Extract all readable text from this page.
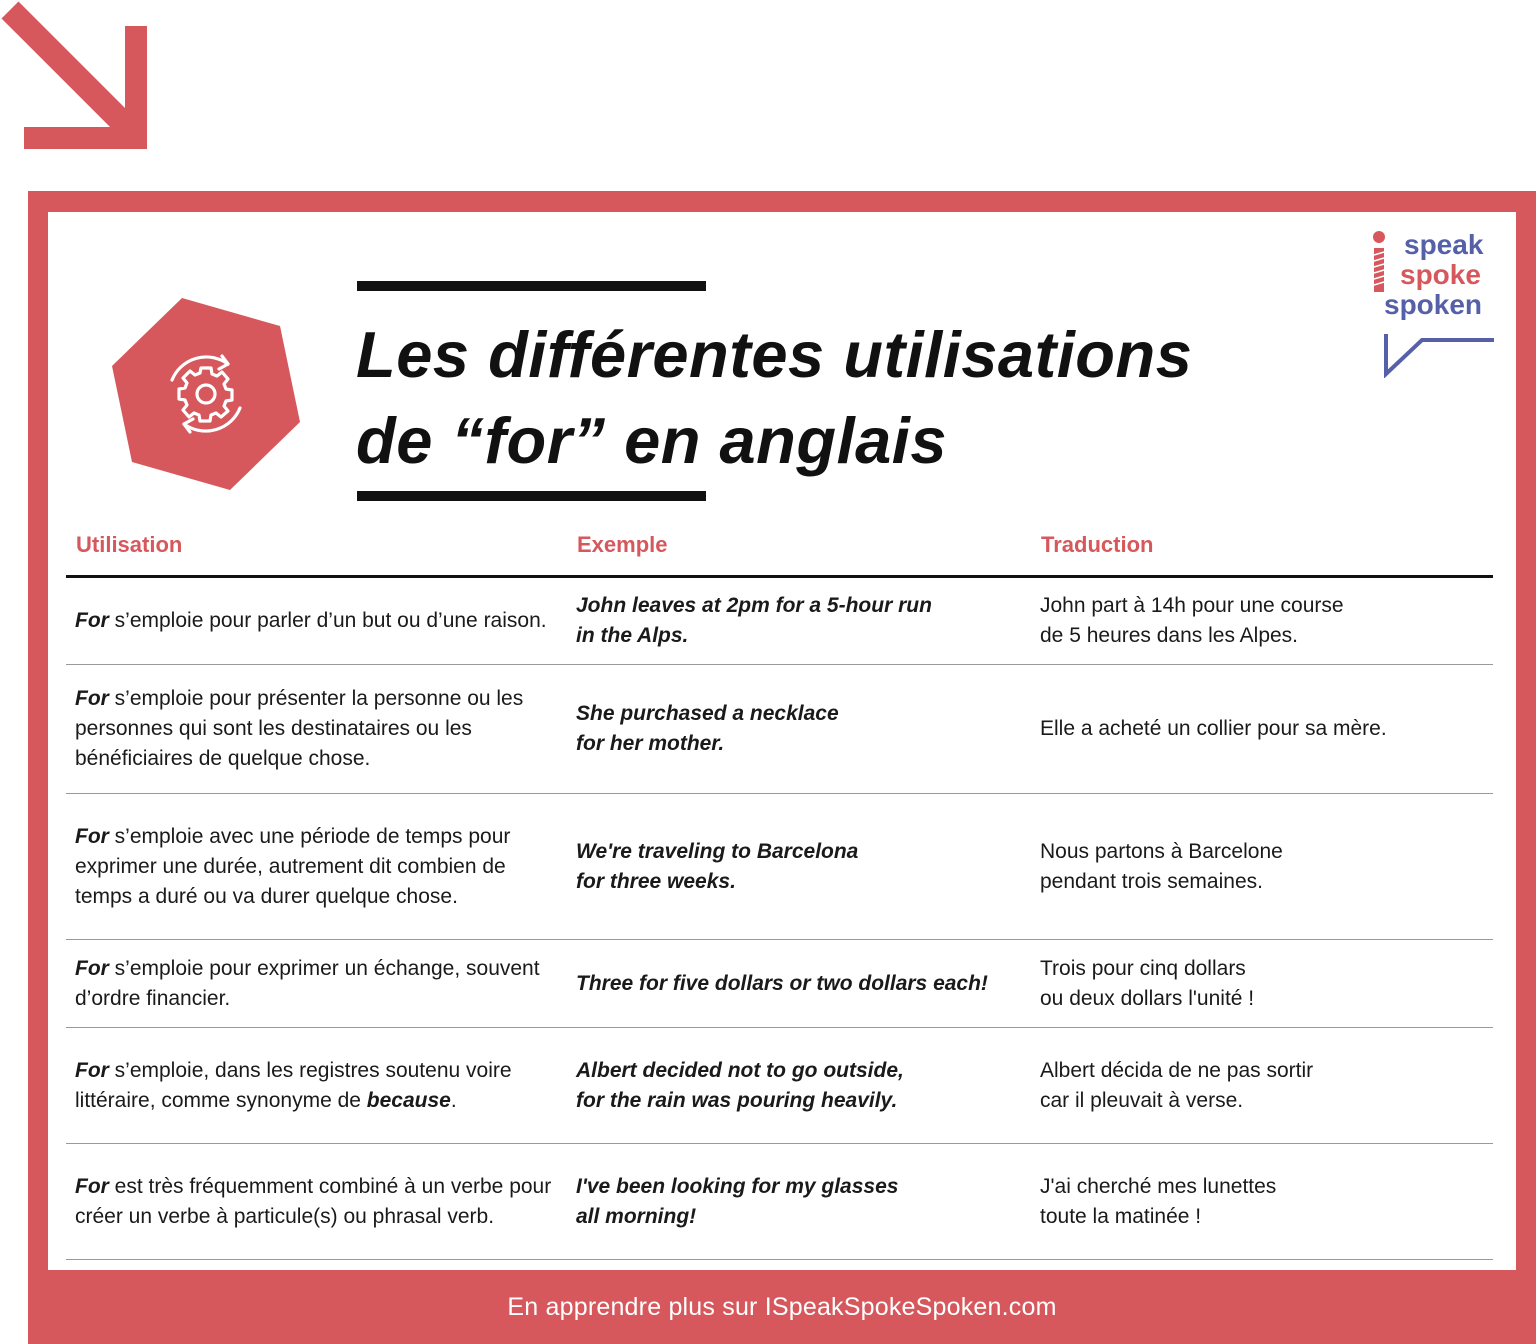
Les différentes utilisations
de “for” en anglais
speak
spoke
spoken
Utilisation	Exemple	Traduction
For s’emploie pour parler d’un but ou d’une raison.
John leaves at 2pm for a 5-hour run
in the Alps.
John part à 14h pour une course
de 5 heures dans les Alpes.
For s’emploie pour présenter la personne ou les personnes qui sont les destinataires ou les bénéficiaires de quelque chose.
She purchased a necklace
for her mother.
Elle a acheté un collier pour sa mère.
For s’emploie avec une période de temps pour exprimer une durée, autrement dit combien de temps a duré ou va durer quelque chose.
We're traveling to Barcelona
for three weeks.
Nous partons à Barcelone
pendant trois semaines.
For s’emploie pour exprimer un échange, souvent d’ordre financier.
Three for five dollars or two dollars each!
Trois pour cinq dollars
ou deux dollars l'unité !
For s’emploie, dans les registres soutenu voire littéraire, comme synonyme de because.
Albert decided not to go outside,
for the rain was pouring heavily.
Albert décida de ne pas sortir
car il pleuvait à verse.
For est très fréquemment combiné à un verbe pour créer un verbe à particule(s) ou phrasal verb.
I've been looking for my glasses
all morning!
J'ai cherché mes lunettes
toute la matinée !
En apprendre plus sur ISpeakSpokeSpoken.com
